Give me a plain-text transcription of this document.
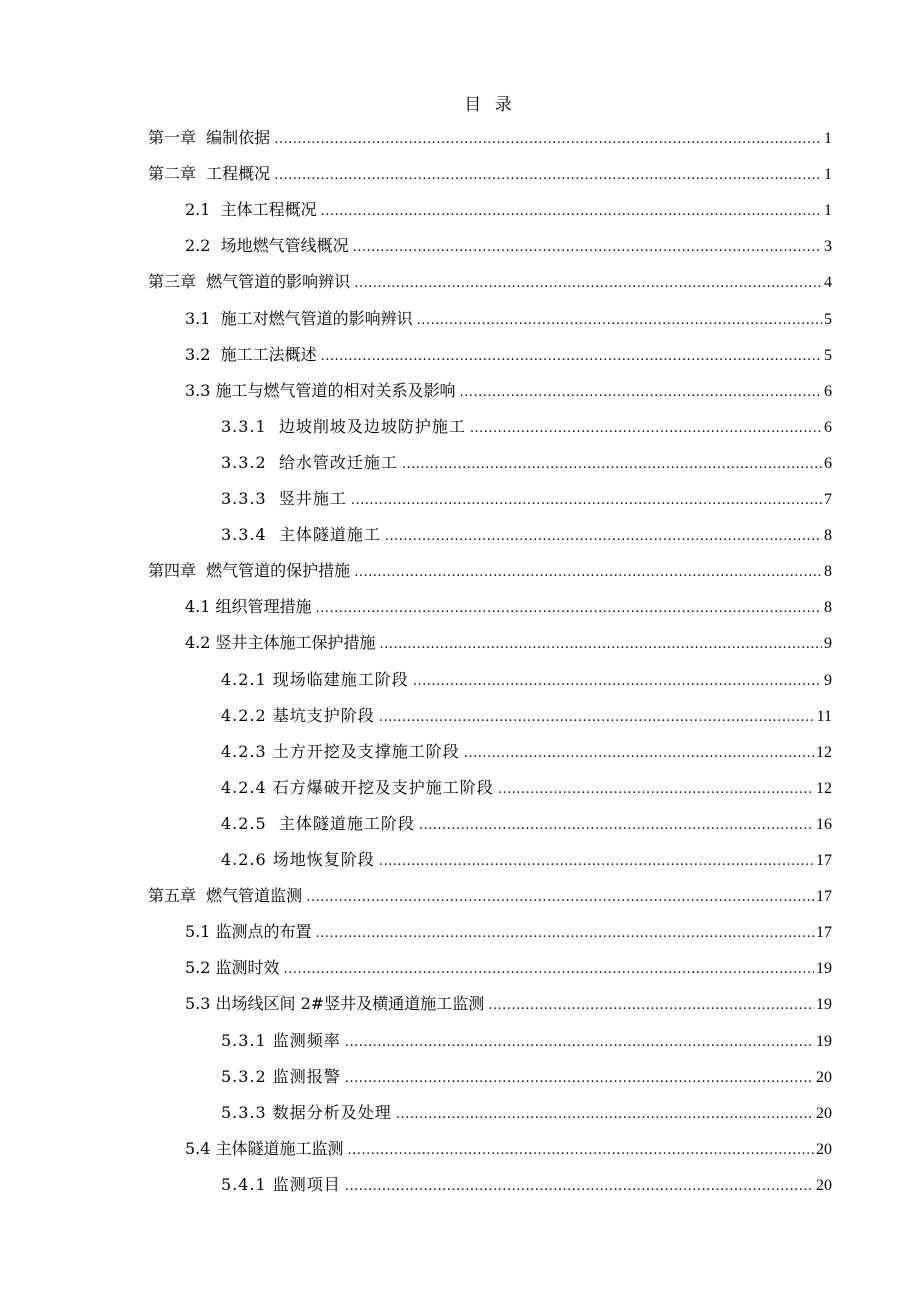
目 录
第一章  编制依据 .....	1
第二章  工程概况 .....	1
2.1  主体工程概况 .....	1
2.2  场地燃气管线概况 .....	3
第三章  燃气管道的影响辨识 .....	4
3.1  施工对燃气管道的影响辨识 .....	5
3.2  施工工法概述 .....	5
3.3 施工与燃气管道的相对关系及影响 .....	6
3.3.1  边坡削坡及边坡防护施工 .....	6
3.3.2  给水管改迁施工 .....	6
3.3.3  竖井施工 .....	7
3.3.4  主体隧道施工 .....	8
第四章  燃气管道的保护措施 .....	8
4.1 组织管理措施 .....	8
4.2 竖井主体施工保护措施 .....	9
4.2.1 现场临建施工阶段 .....	9
4.2.2 基坑支护阶段 .....	11
4.2.3 土方开挖及支撑施工阶段 .....	12
4.2.4 石方爆破开挖及支护施工阶段 .....	12
4.2.5  主体隧道施工阶段 .....	16
4.2.6 场地恢复阶段 .....	17
第五章  燃气管道监测 .....	17
5.1 监测点的布置 .....	17
5.2 监测时效 .....	19
5.3 出场线区间 2#竖井及横通道施工监测 .....	19
5.3.1 监测频率 .....	19
5.3.2 监测报警 .....	20
5.3.3 数据分析及处理 .....	20
5.4 主体隧道施工监测 .....	20
5.4.1 监测项目 .....	20
